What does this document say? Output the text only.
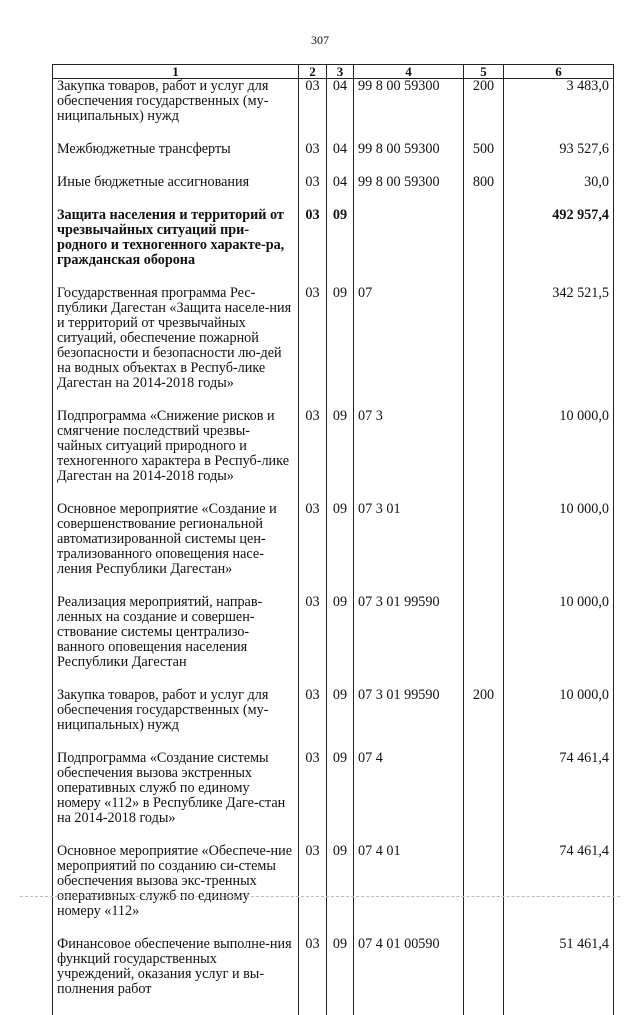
307
1	2	3	4	5	6
Закупка товаров, работ и услуг для обеспечения государственных (му-ниципальных) нужд	03	04	99 8 00 59300	200	3 483,0
Межбюджетные трансферты	03	04	99 8 00 59300	500	93 527,6
Иные бюджетные ассигнования	03	04	99 8 00 59300	800	30,0
Защита населения и территорий от чрезвычайных ситуаций при-родного и техногенного характе-ра, гражданская оборона	03	09			492 957,4
Государственная программа Рес-публики Дагестан «Защита населе-ния и территорий от чрезвычайных ситуаций, обеспечение пожарной безопасности и безопасности лю-дей на водных объектах в Респуб-лике Дагестан на 2014-2018 годы»	03	09	07		342 521,5
Подпрограмма «Снижение рисков и смягчение последствий чрезвы-чайных ситуаций природного и техногенного характера в Респуб-лике Дагестан на 2014-2018 годы»	03	09	07 3		10 000,0
Основное мероприятие «Создание и совершенствование региональной автоматизированной системы цен-трализованного оповещения насе-ления Республики Дагестан»	03	09	07 3 01		10 000,0
Реализация мероприятий, направ-ленных на создание и совершен-ствование системы централизо-ванного оповещения населения Республики Дагестан	03	09	07 3 01 99590		10 000,0
Закупка товаров, работ и услуг для обеспечения государственных (му-ниципальных) нужд	03	09	07 3 01 99590	200	10 000,0
Подпрограмма «Создание системы обеспечения вызова экстренных оперативных служб по единому номеру «112» в Республике Даге-стан на 2014-2018 годы»	03	09	07 4		74 461,4
Основное мероприятие «Обеспече-ние мероприятий по созданию си-стемы обеспечения вызова экс-тренных оперативных служб по единому номеру «112»	03	09	07 4 01		74 461,4
Финансовое обеспечение выполне-ния функций государственных учреждений, оказания услуг и вы-полнения работ	03	09	07 4 01 00590		51 461,4
